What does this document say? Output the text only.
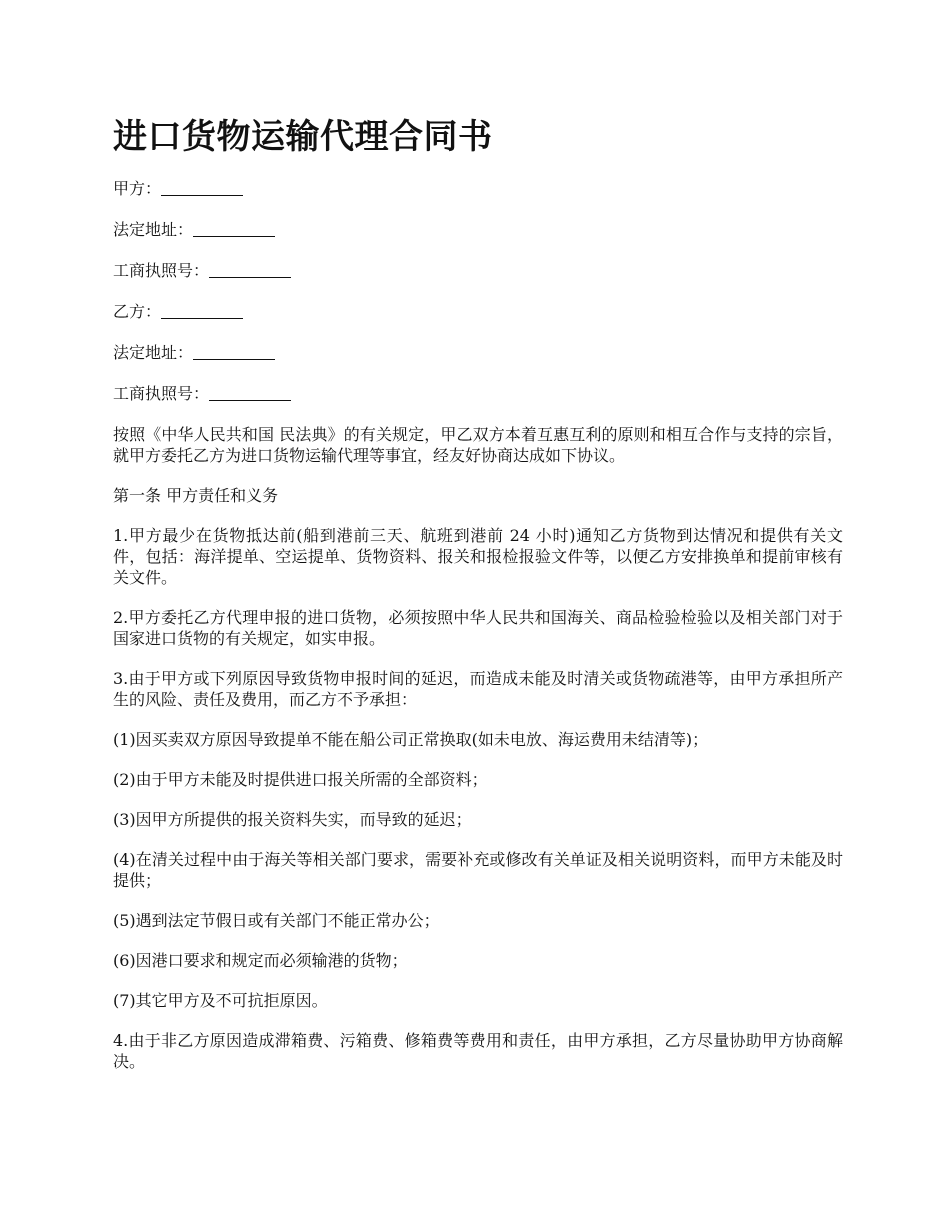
进口货物运输代理合同书

甲方：

法定地址：

工商执照号：

乙方：

法定地址：

工商执照号：

按照《中华人民共和国 民法典》的有关规定，甲乙双方本着互惠互利的原则和相互合作与支持的宗旨，就甲方委托乙方为进口货物运输代理等事宜，经友好协商达成如下协议。

第一条 甲方责任和义务

1.甲方最少在货物抵达前(船到港前三天、航班到港前 24 小时)通知乙方货物到达情况和提供有关文件，包括：海洋提单、空运提单、货物资料、报关和报检报验文件等，以便乙方安排换单和提前审核有关文件。

2.甲方委托乙方代理申报的进口货物，必须按照中华人民共和国海关、商品检验检验以及相关部门对于国家进口货物的有关规定，如实申报。

3.由于甲方或下列原因导致货物申报时间的延迟，而造成未能及时清关或货物疏港等，由甲方承担所产生的风险、责任及费用，而乙方不予承担：

(1)因买卖双方原因导致提单不能在船公司正常换取(如未电放、海运费用未结清等)；

(2)由于甲方未能及时提供进口报关所需的全部资料；

(3)因甲方所提供的报关资料失实，而导致的延迟；

(4)在清关过程中由于海关等相关部门要求，需要补充或修改有关单证及相关说明资料，而甲方未能及时提供；

(5)遇到法定节假日或有关部门不能正常办公；

(6)因港口要求和规定而必须输港的货物；

(7)其它甲方及不可抗拒原因。

4.由于非乙方原因造成滞箱费、污箱费、修箱费等费用和责任，由甲方承担，乙方尽量协助甲方协商解决。
